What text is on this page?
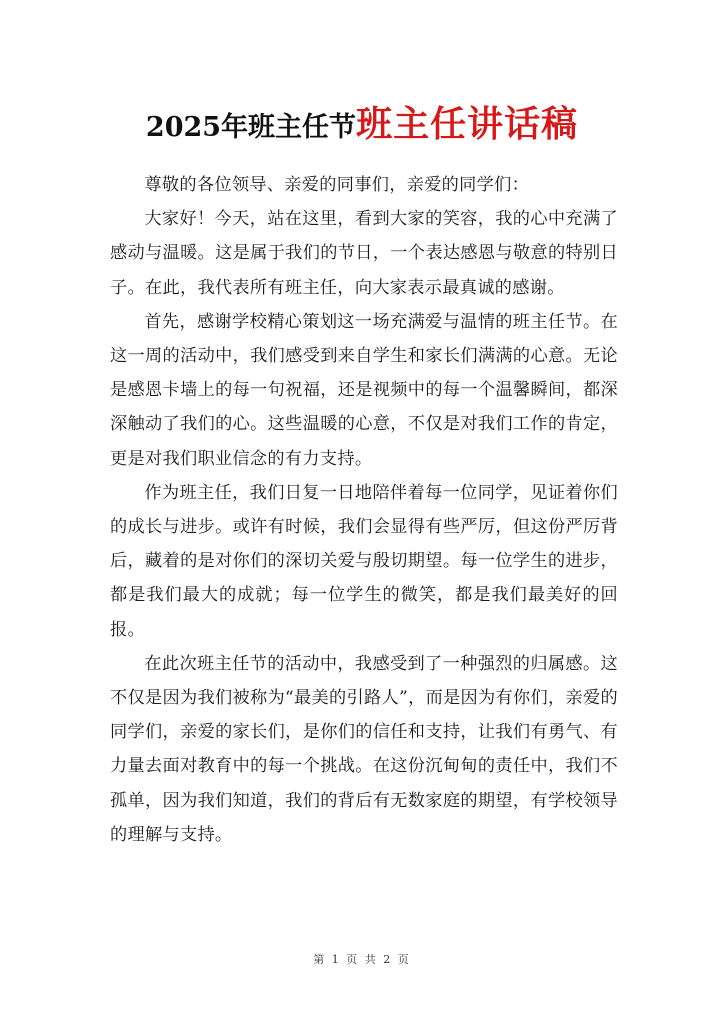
2025年班主任节班主任讲话稿

尊敬的各位领导、亲爱的同事们，亲爱的同学们：

大家好！今天，站在这里，看到大家的笑容，我的心中充满了感动与温暖。这是属于我们的节日，一个表达感恩与敬意的特别日子。在此，我代表所有班主任，向大家表示最真诚的感谢。

首先，感谢学校精心策划这一场充满爱与温情的班主任节。在这一周的活动中，我们感受到来自学生和家长们满满的心意。无论是感恩卡墙上的每一句祝福，还是视频中的每一个温馨瞬间，都深深触动了我们的心。这些温暖的心意，不仅是对我们工作的肯定，更是对我们职业信念的有力支持。

作为班主任，我们日复一日地陪伴着每一位同学，见证着你们的成长与进步。或许有时候，我们会显得有些严厉，但这份严厉背后，藏着的是对你们的深切关爱与殷切期望。每一位学生的进步，都是我们最大的成就；每一位学生的微笑，都是我们最美好的回报。

在此次班主任节的活动中，我感受到了一种强烈的归属感。这不仅是因为我们被称为“最美的引路人”，而是因为有你们，亲爱的同学们，亲爱的家长们，是你们的信任和支持，让我们有勇气、有力量去面对教育中的每一个挑战。在这份沉甸甸的责任中，我们不孤单，因为我们知道，我们的背后有无数家庭的期望，有学校领导的理解与支持。

第 1 页 共 2 页
